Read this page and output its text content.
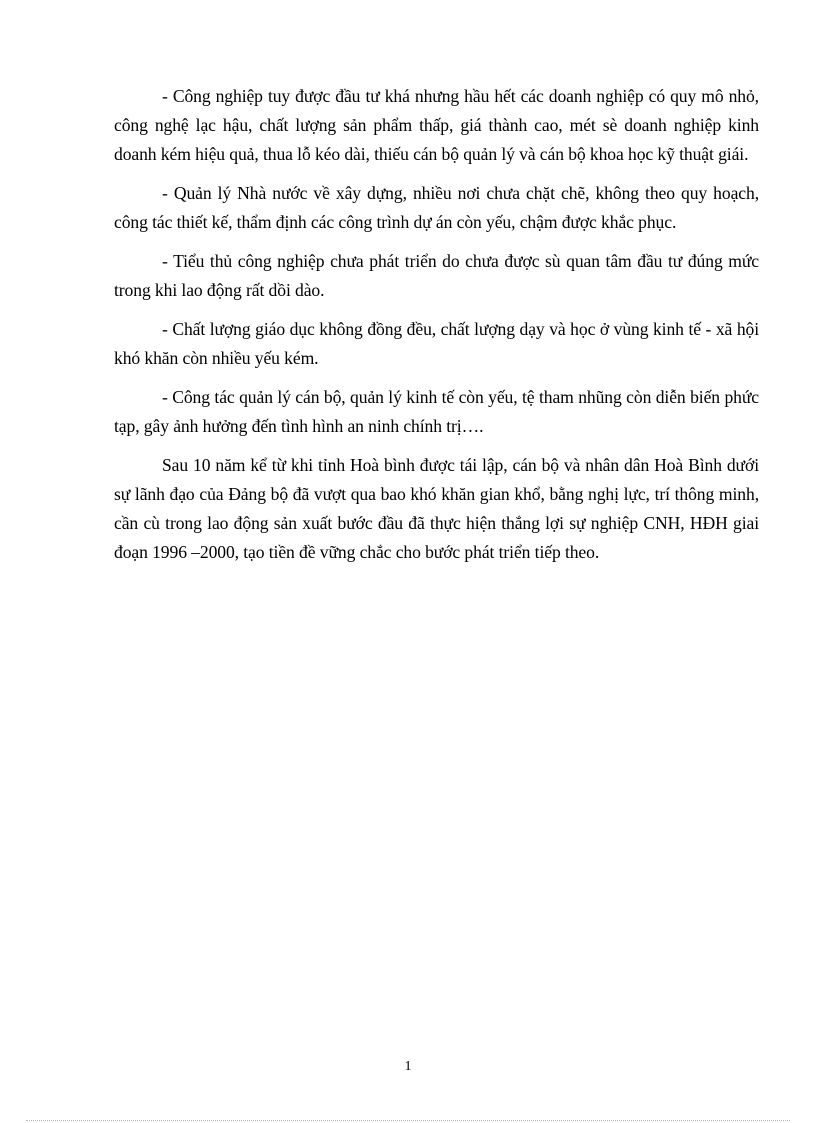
- Công nghiệp tuy được đầu tư khá nhưng hầu hết các doanh nghiệp có quy mô nhỏ, công nghệ lạc hậu, chất lượng sản phẩm thấp, giá thành cao, mét sè doanh nghiệp kinh doanh kém hiệu quả, thua lỗ kéo dài, thiếu cán bộ quản lý và cán bộ khoa học kỹ thuật giái.

- Quản lý Nhà nước về xây dựng, nhiều nơi chưa chặt chẽ, không theo quy hoạch, công tác thiết kế, thẩm định các công trình dự án còn yếu, chậm được khắc phục.

- Tiểu thủ công nghiệp chưa phát triển do chưa được sù quan tâm đầu tư đúng mức trong khi lao động rất dồi dào.

- Chất lượng giáo dục không đồng đều, chất lượng dạy và học ở vùng kinh tế - xã hội khó khăn còn nhiều yếu kém.

- Công tác quản lý cán bộ, quản lý kinh tế còn yếu, tệ tham nhũng còn diễn biến phức tạp, gây ảnh hưởng đến tình hình an ninh chính trị….

Sau 10 năm kể từ khi tỉnh Hoà bình được tái lập, cán bộ và nhân dân Hoà Bình dưới sự lãnh đạo của Đảng bộ đã vượt qua bao khó khăn gian khổ, bằng nghị lực, trí thông minh, cần cù trong lao động sản xuất bước đầu đã thực hiện thắng lợi sự nghiệp CNH, HĐH giai đoạn 1996 –2000, tạo tiền đề vững chắc cho bước phát triển tiếp theo.

1
